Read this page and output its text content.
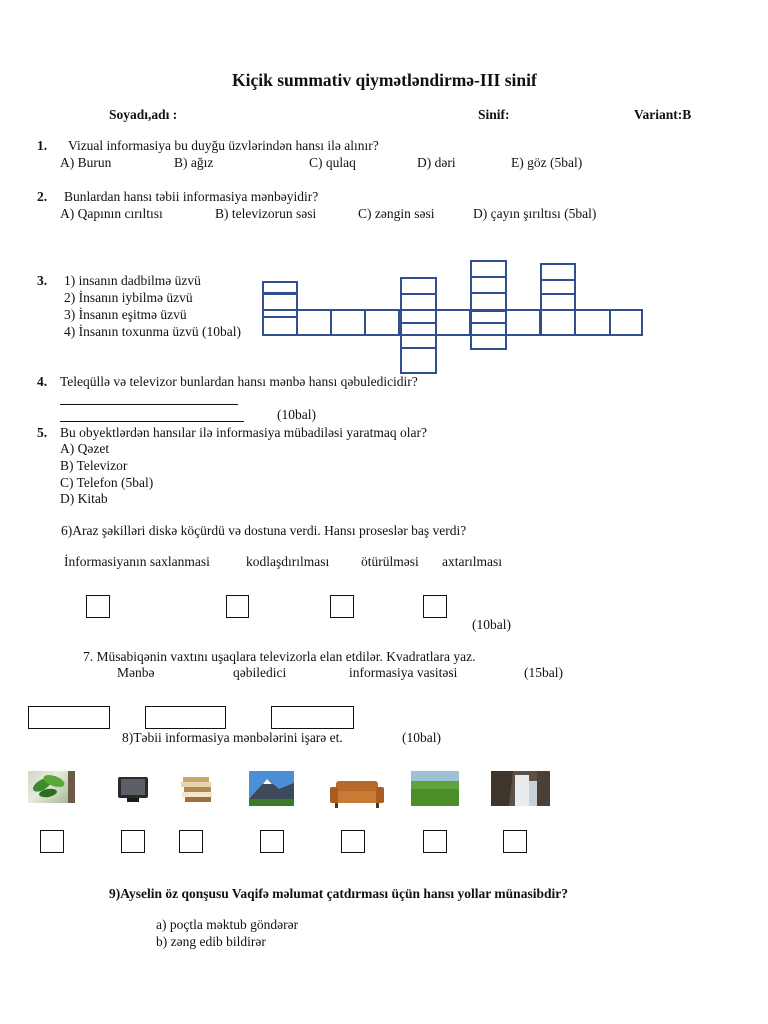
Kiçik summativ qiymətləndirmə-III sinif
Soyadı,adı :	Sinif:	Variant:B
1. Vizual informasiya bu duyğu üzvlərindən hansı ilə alınır?
A) Burun	B) ağız	C) qulaq	D) dəri	E) göz (5bal)
2. Bunlardan hansı təbii informasiya mənbəyidir?
A) Qapının cırıltısı	B) televizorun səsi	C) zəngin səsi	D) çayın şırıltısı (5bal)
3. 1) insanın dadbilmə üzvü
2) İnsanın iybilmə üzvü
3) İnsanın eşitmə üzvü
4) İnsanın toxunma üzvü (10bal)
4. Teleqüllə və televizor bunlardan hansı mənbə hansı qəbuledicidir?
(10bal)
5. Bu obyektlərdən hansılar ilə informasiya mübadiləsi yaratmaq olar?
A) Qəzet
B) Televizor
C) Telefon (5bal)
D) Kitab
6)Araz şəkilləri diskə köçürdü və dostuna verdi. Hansı proseslər baş verdi?
İnformasiyanın saxlanmasi	kodlaşdırılması ötürülməsi axtarılması
(10bal)
7. Müsabiqənin vaxtını uşaqlara televizorla elan etdilər. Kvadratlara yaz.
Mənbə	qəbiledici	informasiya vasitəsi	(15bal)
8)Təbii informasiya mənbələrini işarə et.	(10bal)
9)Ayselin öz qonşusu Vaqifə məlumat çatdırması üçün hansı yollar münasibdir?
a) poçtla məktub göndərər
b) zəng edib bildirər
